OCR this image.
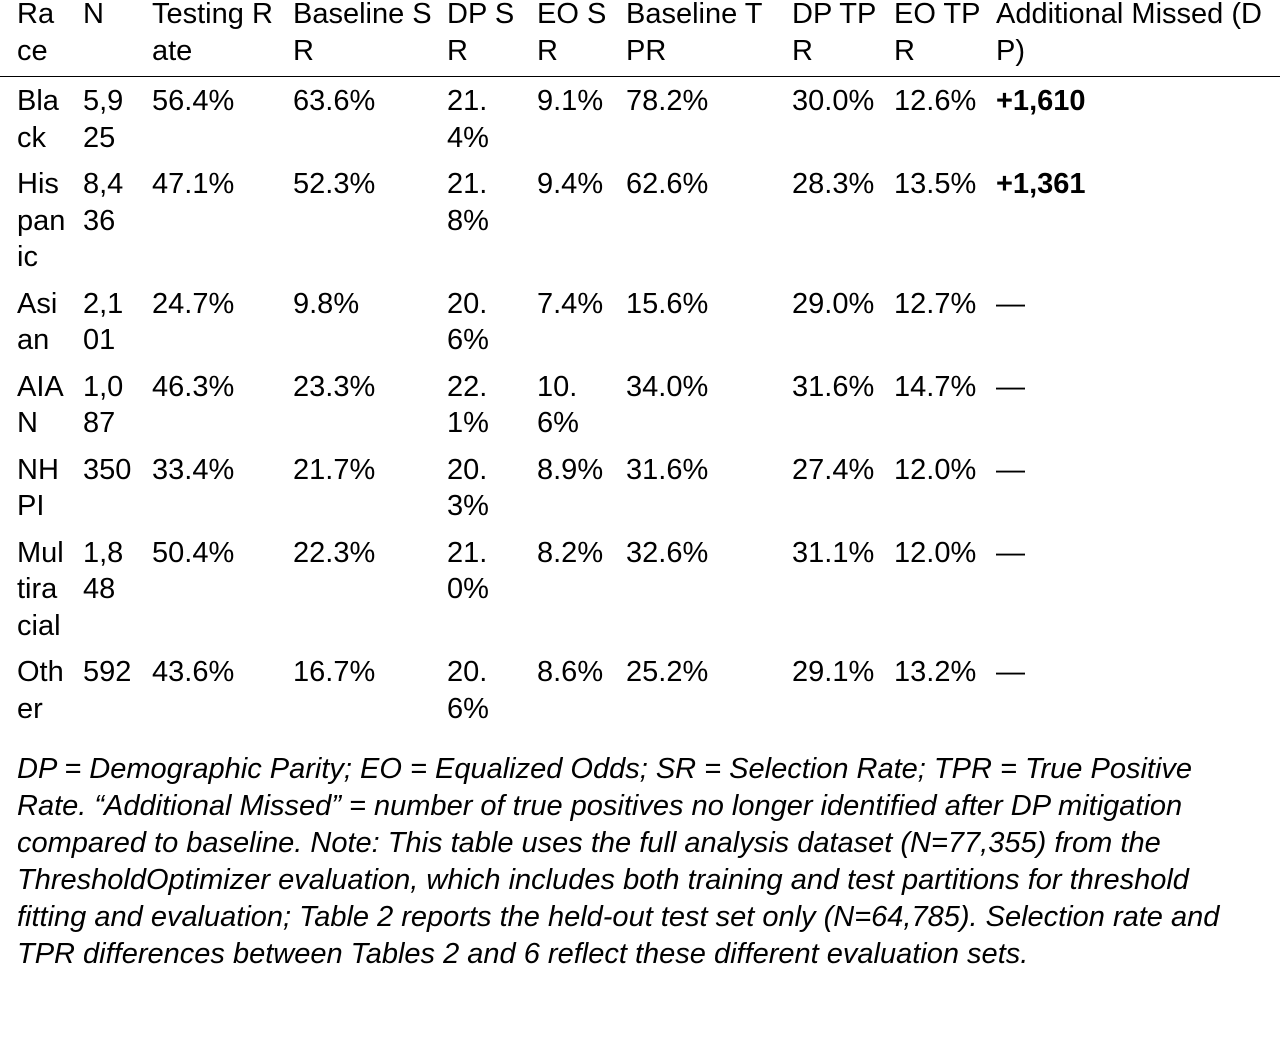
Race	N	Testing Rate	Baseline SR	DP SR	EO SR	Baseline TPR	DP TPR	EO TPR	Additional Missed (DP)
Black	5,925	56.4%	63.6%	21.4%	9.1%	78.2%	30.0%	12.6%	+1,610
Hispanic	8,436	47.1%	52.3%	21.8%	9.4%	62.6%	28.3%	13.5%	+1,361
Asian	2,101	24.7%	9.8%	20.6%	7.4%	15.6%	29.0%	12.7%	—
AIAN	1,087	46.3%	23.3%	22.1%	10.6%	34.0%	31.6%	14.7%	—
NHPI	350	33.4%	21.7%	20.3%	8.9%	31.6%	27.4%	12.0%	—
Multiracial	1,848	50.4%	22.3%	21.0%	8.2%	32.6%	31.1%	12.0%	—
Other	592	43.6%	16.7%	20.6%	8.6%	25.2%	29.1%	13.2%	—

DP = Demographic Parity; EO = Equalized Odds; SR = Selection Rate; TPR = True Positive Rate. “Additional Missed” = number of true positives no longer identified after DP mitigation compared to baseline. Note: This table uses the full analysis dataset (N=77,355) from the ThresholdOptimizer evaluation, which includes both training and test partitions for threshold fitting and evaluation; Table 2 reports the held-out test set only (N=64,785). Selection rate and TPR differences between Tables 2 and 6 reflect these different evaluation sets.
